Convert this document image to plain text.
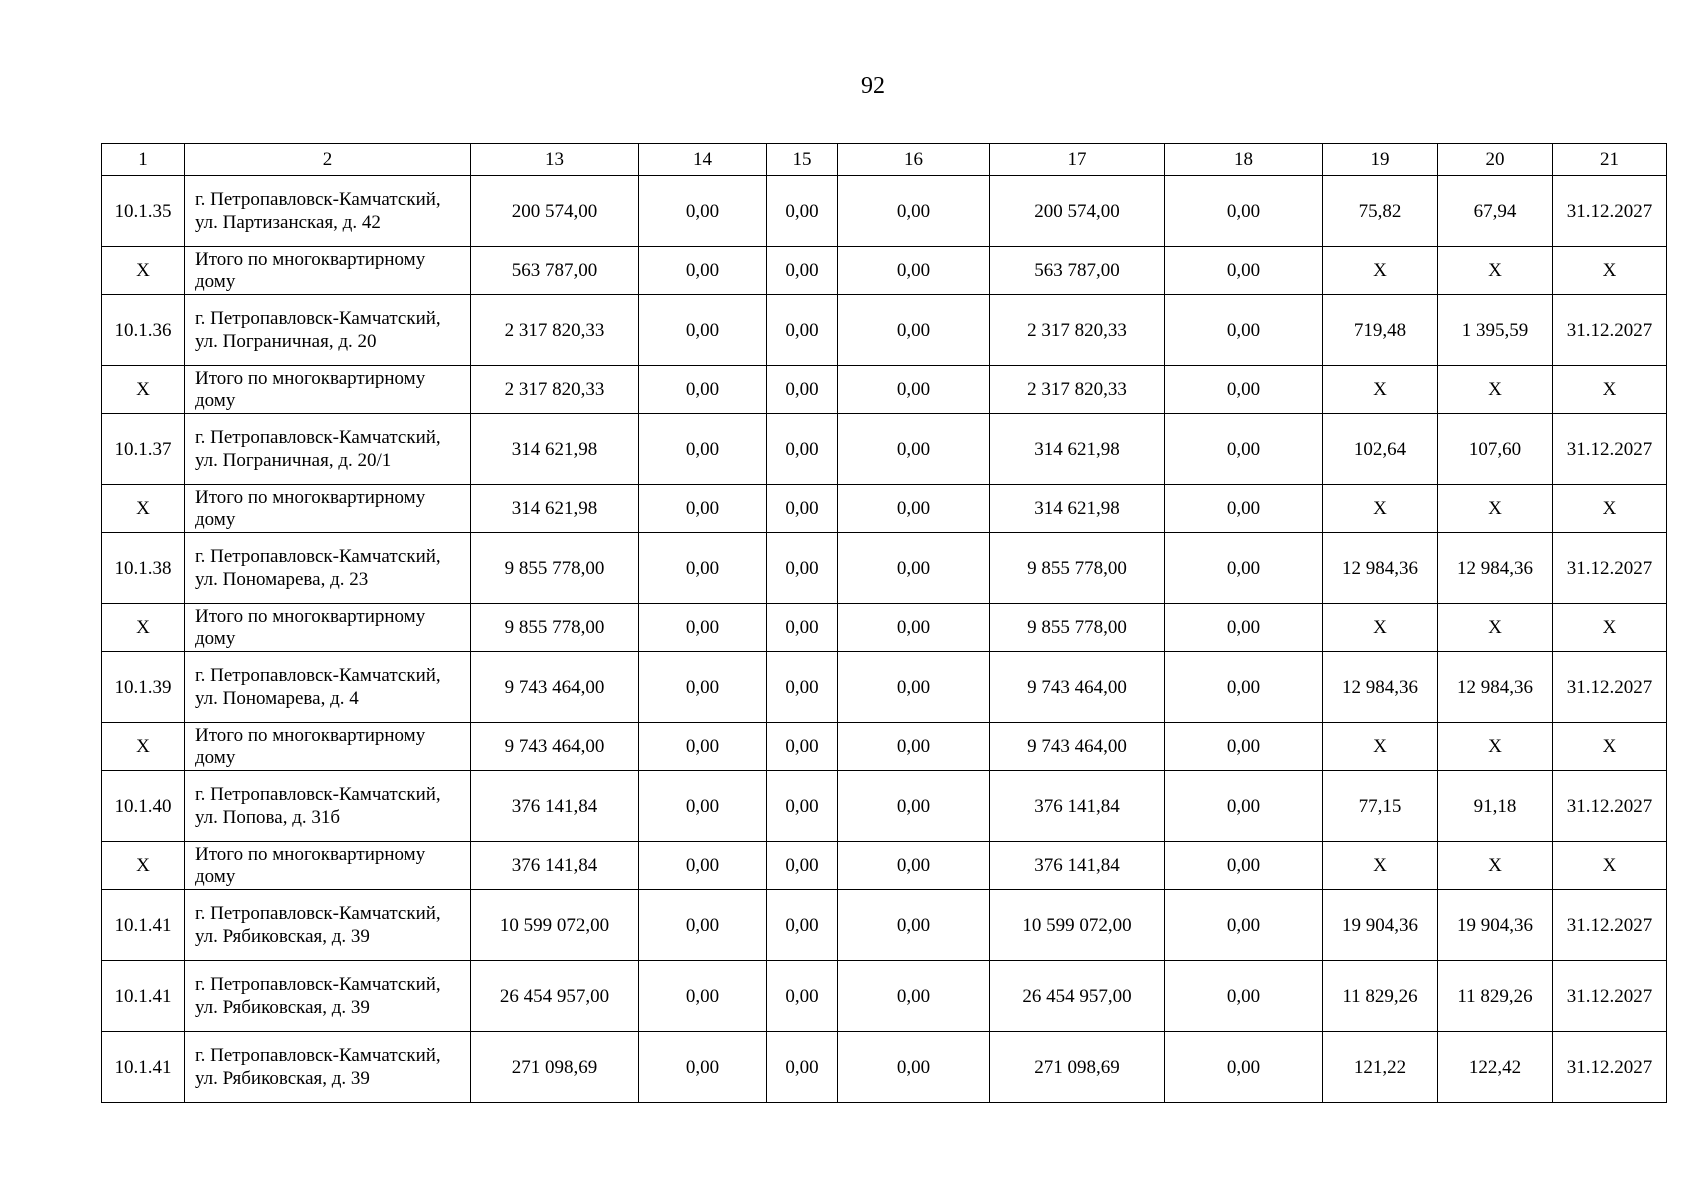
92
1	2	13	14	15	16	17	18	19	20	21
10.1.35	г. Петропавловск-Камчатский, ул. Партизанская, д. 42	200 574,00	0,00	0,00	0,00	200 574,00	0,00	75,82	67,94	31.12.2027
X	Итого по многоквартирному дому	563 787,00	0,00	0,00	0,00	563 787,00	0,00	X	X	X
10.1.36	г. Петропавловск-Камчатский, ул. Пограничная, д. 20	2 317 820,33	0,00	0,00	0,00	2 317 820,33	0,00	719,48	1 395,59	31.12.2027
X	Итого по многоквартирному дому	2 317 820,33	0,00	0,00	0,00	2 317 820,33	0,00	X	X	X
10.1.37	г. Петропавловск-Камчатский, ул. Пограничная, д. 20/1	314 621,98	0,00	0,00	0,00	314 621,98	0,00	102,64	107,60	31.12.2027
X	Итого по многоквартирному дому	314 621,98	0,00	0,00	0,00	314 621,98	0,00	X	X	X
10.1.38	г. Петропавловск-Камчатский, ул. Пономарева, д. 23	9 855 778,00	0,00	0,00	0,00	9 855 778,00	0,00	12 984,36	12 984,36	31.12.2027
X	Итого по многоквартирному дому	9 855 778,00	0,00	0,00	0,00	9 855 778,00	0,00	X	X	X
10.1.39	г. Петропавловск-Камчатский, ул. Пономарева, д. 4	9 743 464,00	0,00	0,00	0,00	9 743 464,00	0,00	12 984,36	12 984,36	31.12.2027
X	Итого по многоквартирному дому	9 743 464,00	0,00	0,00	0,00	9 743 464,00	0,00	X	X	X
10.1.40	г. Петропавловск-Камчатский, ул. Попова, д. 31б	376 141,84	0,00	0,00	0,00	376 141,84	0,00	77,15	91,18	31.12.2027
X	Итого по многоквартирному дому	376 141,84	0,00	0,00	0,00	376 141,84	0,00	X	X	X
10.1.41	г. Петропавловск-Камчатский, ул. Рябиковская, д. 39	10 599 072,00	0,00	0,00	0,00	10 599 072,00	0,00	19 904,36	19 904,36	31.12.2027
10.1.41	г. Петропавловск-Камчатский, ул. Рябиковская, д. 39	26 454 957,00	0,00	0,00	0,00	26 454 957,00	0,00	11 829,26	11 829,26	31.12.2027
10.1.41	г. Петропавловск-Камчатский, ул. Рябиковская, д. 39	271 098,69	0,00	0,00	0,00	271 098,69	0,00	121,22	122,42	31.12.2027
